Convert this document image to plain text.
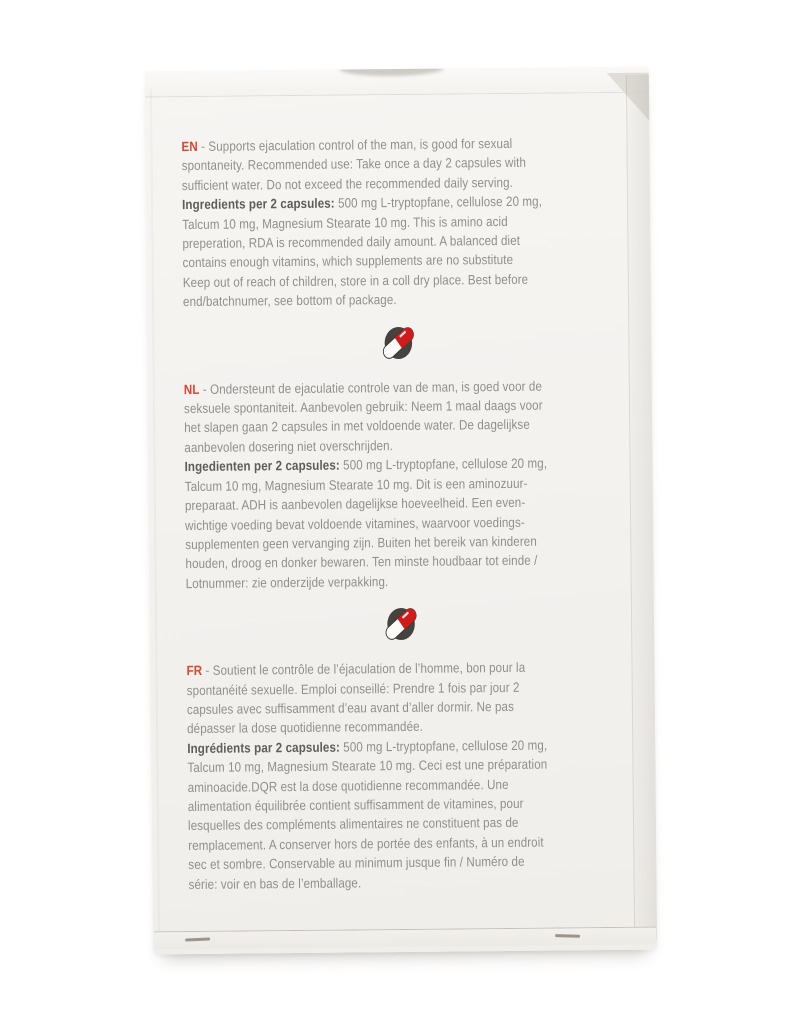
EN - Supports ejaculation control of the man, is good for sexual
spontaneity. Recommended use: Take once a day 2 capsules with
sufficient water. Do not exceed the recommended daily serving.

Ingredients per 2 capsules: 500 mg L-tryptopfane, cellulose 20 mg,
Talcum 10 mg, Magnesium Stearate 10 mg. This is amino acid
preperation, RDA is recommended daily amount. A balanced diet
contains enough vitamins, which supplements are no substitute
Keep out of reach of children, store in a coll dry place. Best before
end/batchnumer, see bottom of package.

NL - Ondersteunt de ejaculatie controle van de man, is goed voor de
seksuele spontaniteit. Aanbevolen gebruik: Neem 1 maal daags voor
het slapen gaan 2 capsules in met voldoende water. De dagelijkse
aanbevolen dosering niet overschrijden.

Ingedienten per 2 capsules: 500 mg L-tryptopfane, cellulose 20 mg,
Talcum 10 mg, Magnesium Stearate 10 mg. Dit is een aminozuur-
preparaat. ADH is aanbevolen dagelijkse hoeveelheid. Een even-
wichtige voeding bevat voldoende vitamines, waarvoor voedings-
supplementen geen vervanging zijn. Buiten het bereik van kinderen
houden, droog en donker bewaren. Ten minste houdbaar tot einde /
Lotnummer: zie onderzijde verpakking.

FR - Soutient le contrôle de l’éjaculation de l’homme, bon pour la
spontanéité sexuelle. Emploi conseillé: Prendre 1 fois par jour 2
capsules avec suffisamment d’eau avant d’aller dormir. Ne pas
dépasser la dose quotidienne recommandée.

Ingrédients par 2 capsules: 500 mg L-tryptopfane, cellulose 20 mg,
Talcum 10 mg, Magnesium Stearate 10 mg. Ceci est une préparation
aminoacide.DQR est la dose quotidienne recommandée. Une
alimentation équilibrée contient suffisamment de vitamines, pour
lesquelles des compléments alimentaires ne constituent pas de
remplacement. A conserver hors de portée des enfants, à un endroit
sec et sombre. Conservable au minimum jusque fin / Numéro de
série: voir en bas de l’emballage.
